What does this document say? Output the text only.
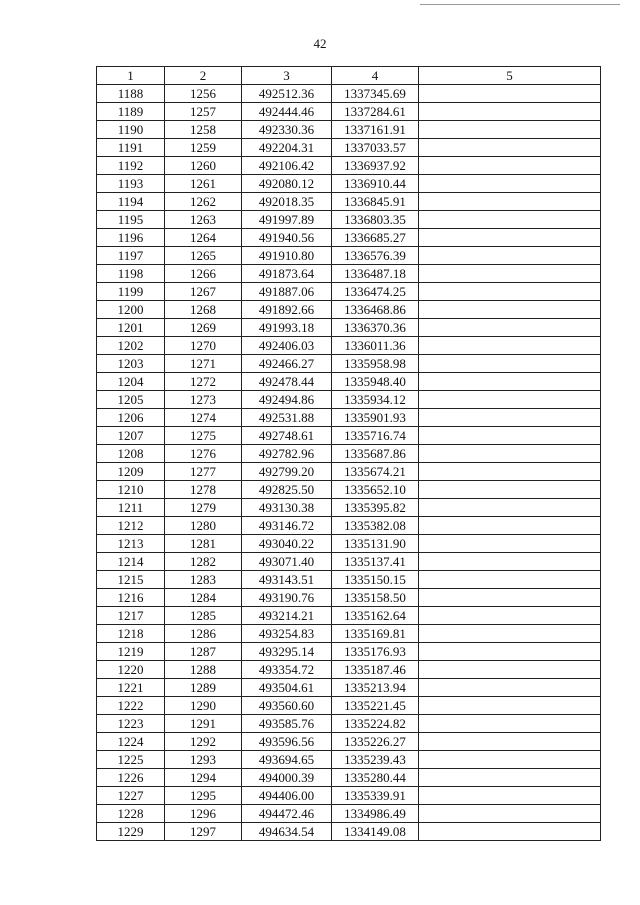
42
1	2	3	4	5
1188	1256	492512.36	1337345.69	
1189	1257	492444.46	1337284.61	
1190	1258	492330.36	1337161.91	
1191	1259	492204.31	1337033.57	
1192	1260	492106.42	1336937.92	
1193	1261	492080.12	1336910.44	
1194	1262	492018.35	1336845.91	
1195	1263	491997.89	1336803.35	
1196	1264	491940.56	1336685.27	
1197	1265	491910.80	1336576.39	
1198	1266	491873.64	1336487.18	
1199	1267	491887.06	1336474.25	
1200	1268	491892.66	1336468.86	
1201	1269	491993.18	1336370.36	
1202	1270	492406.03	1336011.36	
1203	1271	492466.27	1335958.98	
1204	1272	492478.44	1335948.40	
1205	1273	492494.86	1335934.12	
1206	1274	492531.88	1335901.93	
1207	1275	492748.61	1335716.74	
1208	1276	492782.96	1335687.86	
1209	1277	492799.20	1335674.21	
1210	1278	492825.50	1335652.10	
1211	1279	493130.38	1335395.82	
1212	1280	493146.72	1335382.08	
1213	1281	493040.22	1335131.90	
1214	1282	493071.40	1335137.41	
1215	1283	493143.51	1335150.15	
1216	1284	493190.76	1335158.50	
1217	1285	493214.21	1335162.64	
1218	1286	493254.83	1335169.81	
1219	1287	493295.14	1335176.93	
1220	1288	493354.72	1335187.46	
1221	1289	493504.61	1335213.94	
1222	1290	493560.60	1335221.45	
1223	1291	493585.76	1335224.82	
1224	1292	493596.56	1335226.27	
1225	1293	493694.65	1335239.43	
1226	1294	494000.39	1335280.44	
1227	1295	494406.00	1335339.91	
1228	1296	494472.46	1334986.49	
1229	1297	494634.54	1334149.08	
